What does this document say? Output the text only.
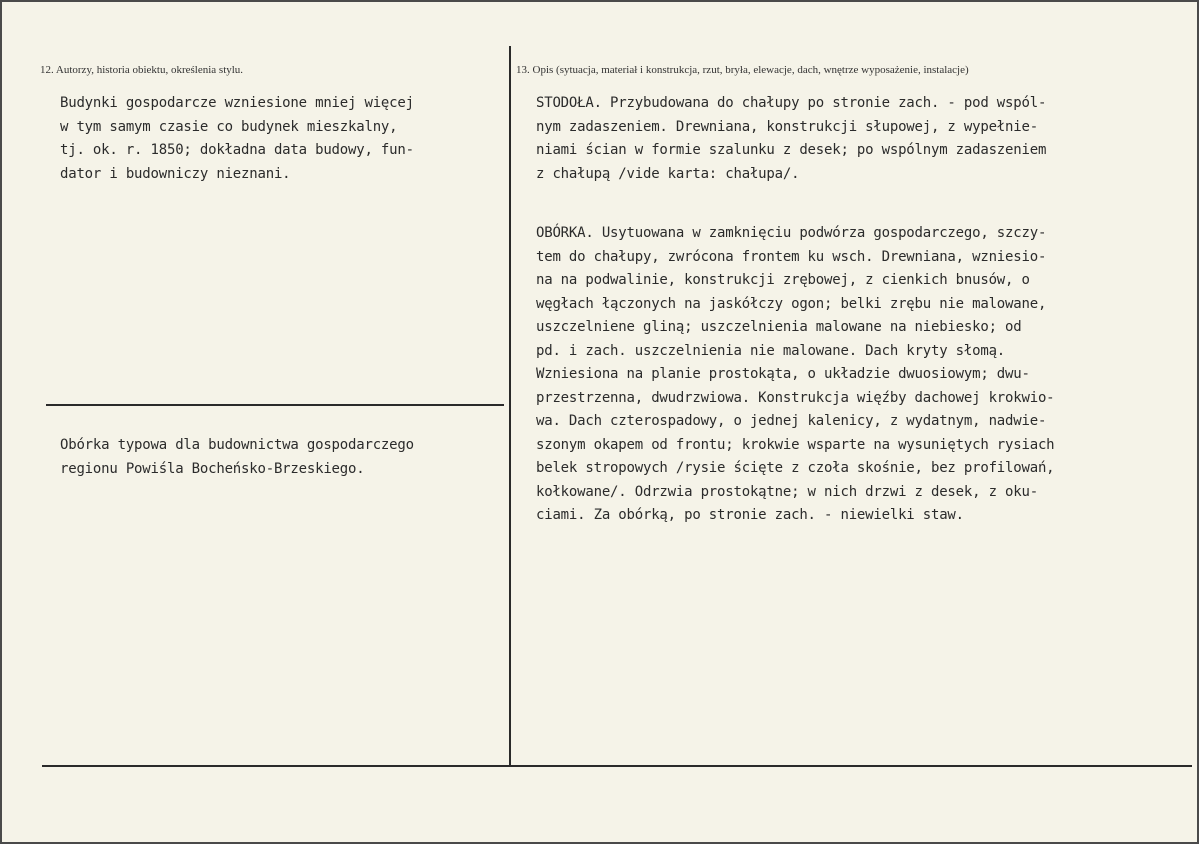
12. Autorzy, historia obiektu, określenia stylu.	13. Opis (sytuacja, materiał i konstrukcja, rzut, bryła, elewacje, dach, wnętrze wyposażenie, instalacje)
Budynki gospodarcze wzniesione mniej więcej
w tym samym czasie co budynek mieszkalny,
tj. ok. r. 1850; dokładna data budowy, fun-
dator i budowniczy nieznani.
Obórka typowa dla budownictwa gospodarczego
regionu Powiśla Bocheńsko-Brzeskiego.
STODOŁA. Przybudowana do chałupy po stronie zach. - pod wspól-
nym zadaszeniem. Drewniana, konstrukcji słupowej, z wypełnie-
niami ścian w formie szalunku z desek; po wspólnym zadaszeniem
z chałupą /vide karta: chałupa/.
OBÓRKA. Usytuowana w zamknięciu podwórza gospodarczego, szczy-
tem do chałupy, zwrócona frontem ku wsch. Drewniana, wzniesio-
na na podwalinie, konstrukcji zrębowej, z cienkich bnusów, o
węgłach łączonych na jaskółczy ogon; belki zrębu nie malowane,
uszczelniene gliną; uszczelnienia malowane na niebiesko; od
pd. i zach. uszczelnienia nie malowane. Dach kryty słomą.
Wzniesiona na planie prostokąta, o układzie dwuosiowym; dwu-
przestrzenna, dwudrzwiowa. Konstrukcja więźby dachowej krokwio-
wa. Dach czterospadowy, o jednej kalenicy, z wydatnym, nadwie-
szonym okapem od frontu; krokwie wsparte na wysuniętych rysiach
belek stropowych /rysie ścięte z czoła skośnie, bez profilowań,
kołkowane/. Odrzwia prostokątne; w nich drzwi z desek, z oku-
ciami. Za obórką, po stronie zach. - niewielki staw.
